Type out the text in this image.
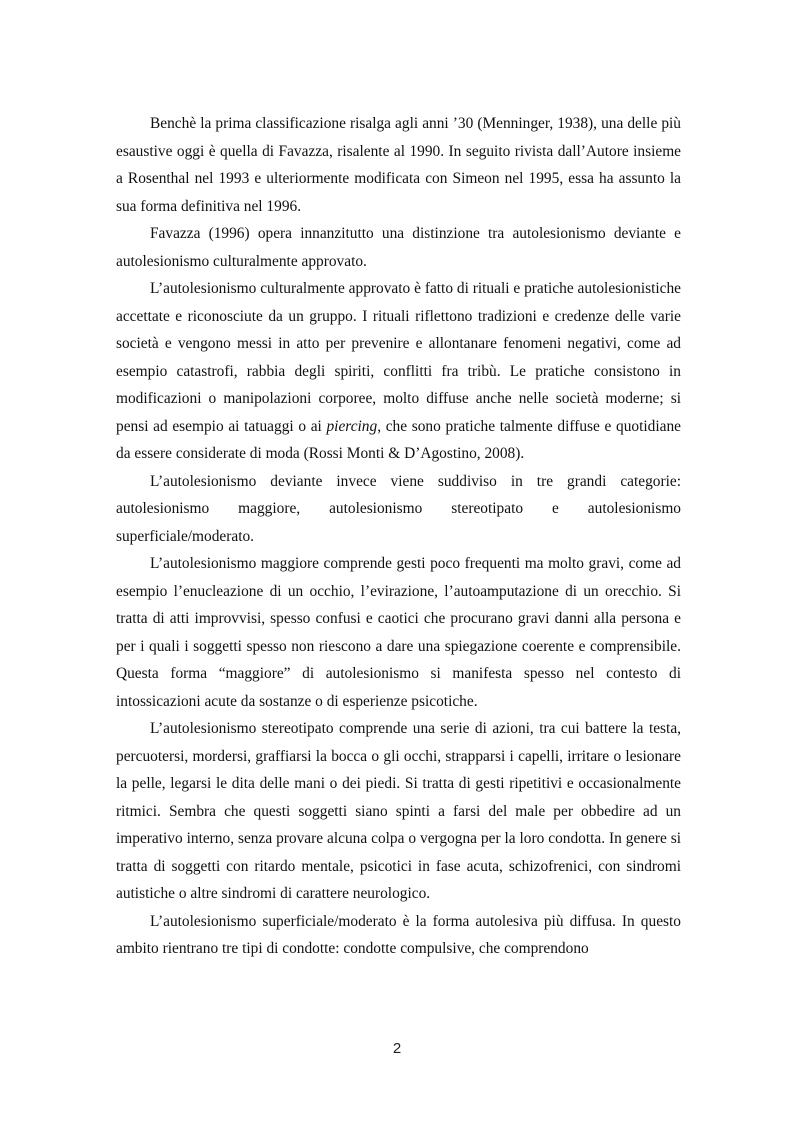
Benchè la prima classificazione risalga agli anni ’30 (Menninger, 1938), una delle più esaustive oggi è quella di Favazza, risalente al 1990. In seguito rivista dall’Autore insieme a Rosenthal nel 1993 e ulteriormente modificata con Simeon nel 1995, essa ha assunto la sua forma definitiva nel 1996.

Favazza (1996) opera innanzitutto una distinzione tra autolesionismo deviante e autolesionismo culturalmente approvato.

L’autolesionismo culturalmente approvato è fatto di rituali e pratiche autolesionistiche accettate e riconosciute da un gruppo. I rituali riflettono tradizioni e credenze delle varie società e vengono messi in atto per prevenire e allontanare fenomeni negativi, come ad esempio catastrofi, rabbia degli spiriti, conflitti fra tribù. Le pratiche consistono in modificazioni o manipolazioni corporee, molto diffuse anche nelle società moderne; si pensi ad esempio ai tatuaggi o ai piercing, che sono pratiche talmente diffuse e quotidiane da essere considerate di moda (Rossi Monti & D’Agostino, 2008).

L’autolesionismo deviante invece viene suddiviso in tre grandi categorie: autolesionismo maggiore, autolesionismo stereotipato e autolesionismo superficiale/moderato.

L’autolesionismo maggiore comprende gesti poco frequenti ma molto gravi, come ad esempio l’enucleazione di un occhio, l’evirazione, l’autoamputazione di un orecchio. Si tratta di atti improvvisi, spesso confusi e caotici che procurano gravi danni alla persona e per i quali i soggetti spesso non riescono a dare una spiegazione coerente e comprensibile. Questa forma “maggiore” di autolesionismo si manifesta spesso nel contesto di intossicazioni acute da sostanze o di esperienze psicotiche.

L’autolesionismo stereotipato comprende una serie di azioni, tra cui battere la testa, percuotersi, mordersi, graffiarsi la bocca o gli occhi, strapparsi i capelli, irritare o lesionare la pelle, legarsi le dita delle mani o dei piedi. Si tratta di gesti ripetitivi e occasionalmente ritmici. Sembra che questi soggetti siano spinti a farsi del male per obbedire ad un imperativo interno, senza provare alcuna colpa o vergogna per la loro condotta. In genere si tratta di soggetti con ritardo mentale, psicotici in fase acuta, schizofrenici, con sindromi autistiche o altre sindromi di carattere neurologico.

L’autolesionismo superficiale/moderato è la forma autolesiva più diffusa. In questo ambito rientrano tre tipi di condotte: condotte compulsive, che comprendono

2
